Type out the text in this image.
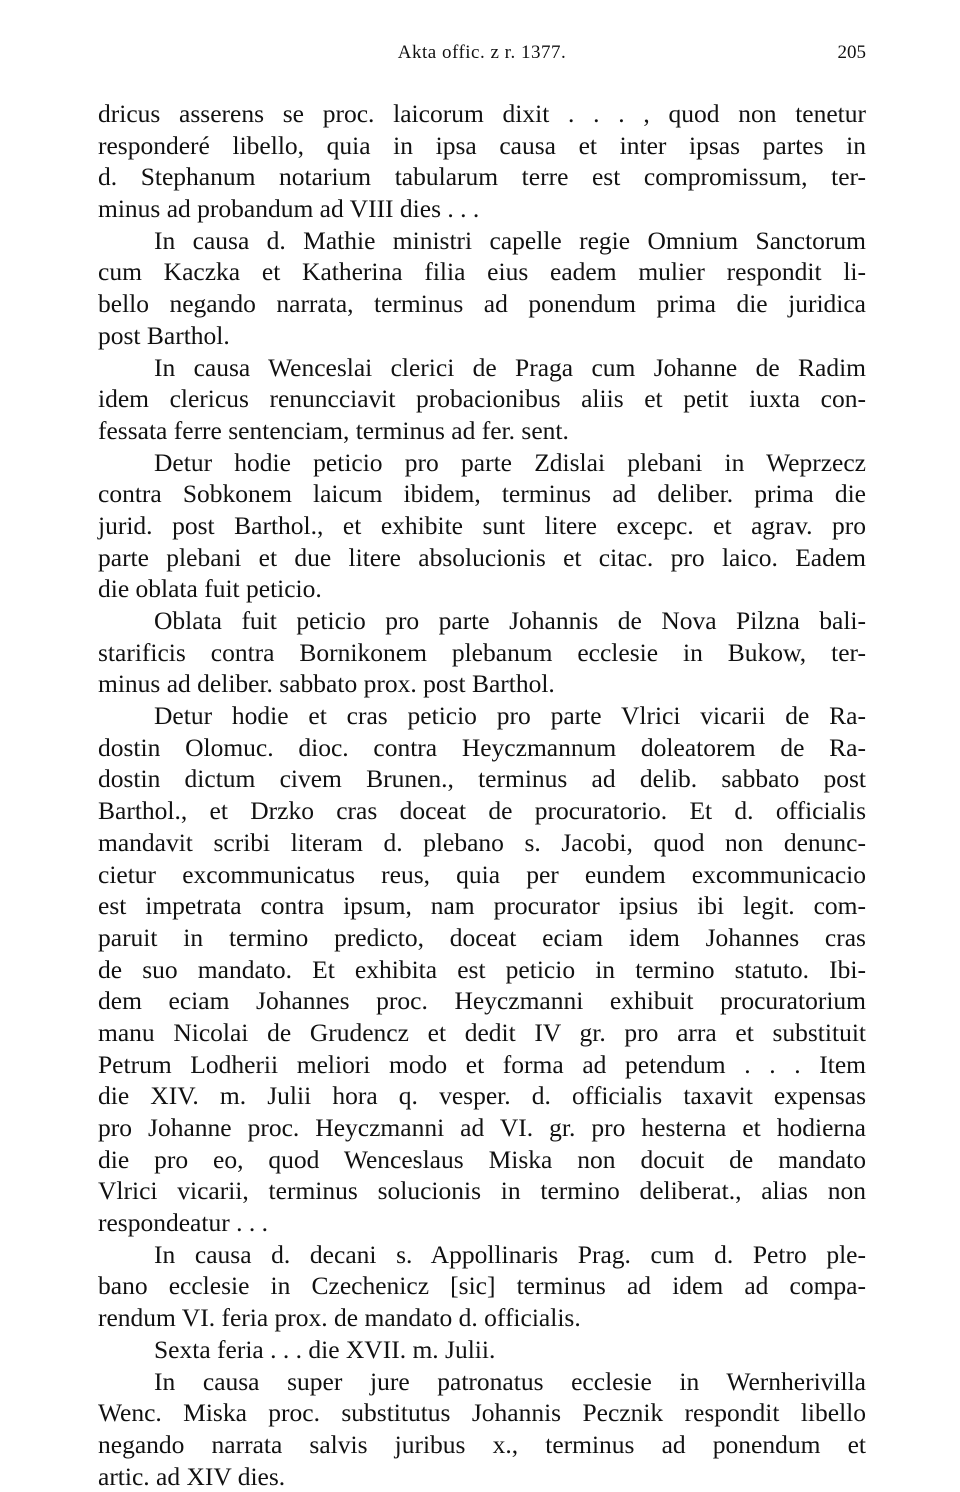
Akta offic. z r. 1377.	205
dricus asserens se proc. laicorum dixit . . . , quod non tenetur
responderé libello, quia in ipsa causa et inter ipsas partes in
d. Stephanum notarium tabularum terre est compromissum, ter-
minus ad probandum ad VIII dies . . .
In causa d. Mathie ministri capelle regie Omnium Sanctorum
cum Kaczka et Katherina filia eius eadem mulier respondit li-
bello negando narrata, terminus ad ponendum prima die juridica
post Barthol.
In causa Wenceslai clerici de Praga cum Johanne de Radim
idem clericus renuncciavit probacionibus aliis et petit iuxta con-
fessata ferre sentenciam, terminus ad fer. sent.
Detur hodie peticio pro parte Zdislai plebani in Weprzecz
contra Sobkonem laicum ibidem, terminus ad deliber. prima die
jurid. post Barthol., et exhibite sunt litere excepc. et agrav. pro
parte plebani et due litere absolucionis et citac. pro laico. Eadem
die oblata fuit peticio.
Oblata fuit peticio pro parte Johannis de Nova Pilzna bali-
starificis contra Bornikonem plebanum ecclesie in Bukow, ter-
minus ad deliber. sabbato prox. post Barthol.
Detur hodie et cras peticio pro parte Vlrici vicarii de Ra-
dostin Olomuc. dioc. contra Heyczmannum doleatorem de Ra-
dostin dictum civem Brunen., terminus ad delib. sabbato post
Barthol., et Drzko cras doceat de procuratorio. Et d. officialis
mandavit scribi literam d. plebano s. Jacobi, quod non denunc-
cietur excommunicatus reus, quia per eundem excommunicacio
est impetrata contra ipsum, nam procurator ipsius ibi legit. com-
paruit in termino predicto, doceat eciam idem Johannes cras
de suo mandato. Et exhibita est peticio in termino statuto. Ibi-
dem eciam Johannes proc. Heyczmanni exhibuit procuratorium
manu Nicolai de Grudencz et dedit IV gr. pro arra et substituit
Petrum Lodherii meliori modo et forma ad petendum . . . Item
die XIV. m. Julii hora q. vesper. d. officialis taxavit expensas
pro Johanne proc. Heyczmanni ad VI. gr. pro hesterna et hodierna
die pro eo, quod Wenceslaus Miska non docuit de mandato
Vlrici vicarii, terminus solucionis in termino deliberat., alias non
respondeatur . . .
In causa d. decani s. Appollinaris Prag. cum d. Petro ple-
bano ecclesie in Czechenicz [sic] terminus ad idem ad compa-
rendum VI. feria prox. de mandato d. officialis.
Sexta feria . . . die XVII. m. Julii.
In causa super jure patronatus ecclesie in Wernherivilla
Wenc. Miska proc. substitutus Johannis Pecznik respondit libello
negando narrata salvis juribus x., terminus ad ponendum et
artic. ad XIV dies.
